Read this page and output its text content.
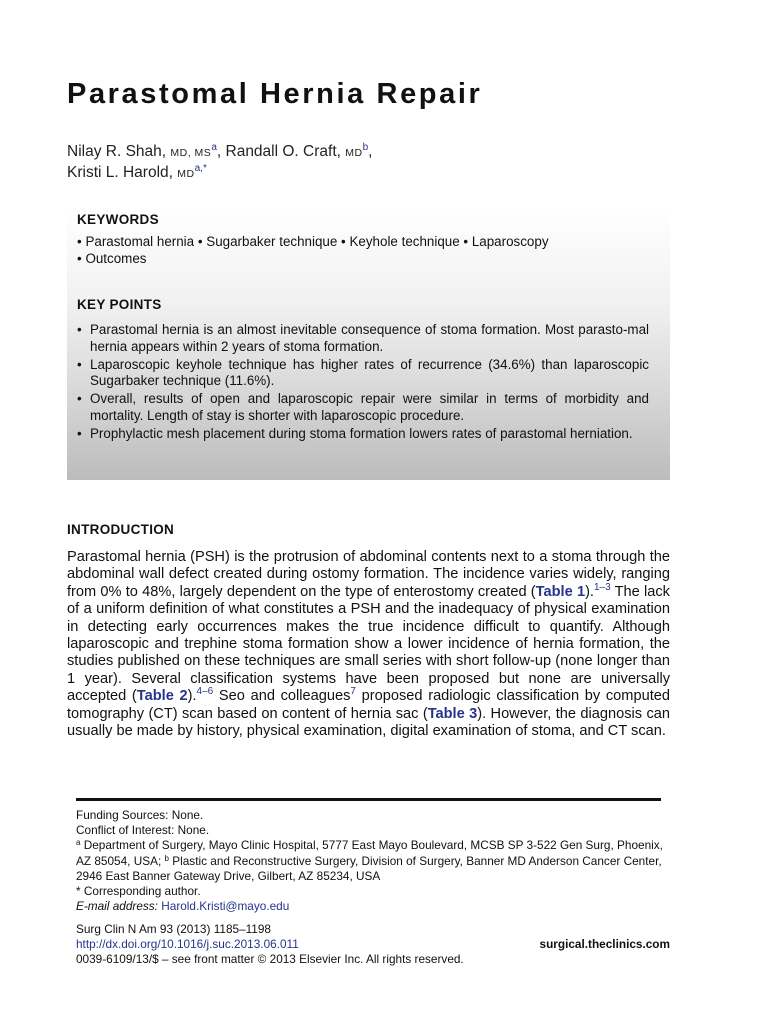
Parastomal Hernia Repair
Nilay R. Shah, MD, $MS^a$, Randall O. Craft, $MD^b$,
Kristi L. Harold, $MD^{a,*}$
KEYWORDS
• Parastomal hernia • Sugarbaker technique • Keyhole technique • Laparoscopy
• Outcomes
KEY POINTS
• Parastomal hernia is an almost inevitable consequence of stoma formation. Most parasto-mal hernia appears within 2 years of stoma formation.
• Laparoscopic keyhole technique has higher rates of recurrence (34.6%) than laparoscopic Sugarbaker technique (11.6%).
• Overall, results of open and laparoscopic repair were similar in terms of morbidity and mortality. Length of stay is shorter with laparoscopic procedure.
• Prophylactic mesh placement during stoma formation lowers rates of parastomal herniation.
INTRODUCTION

Parastomal hernia (PSH) is the protrusion of abdominal contents next to a stoma through the abdominal wall defect created during ostomy formation. The incidence varies widely, ranging from 0% to 48%, largely dependent on the type of enterostomy created (Table 1).$^{1-3}$ The lack of a uniform definition of what constitutes a PSH and the inadequacy of physical examination in detecting early occurrences makes the true incidence difficult to quantify. Although laparoscopic and trephine stoma formation show a lower incidence of hernia formation, the studies published on these techniques are small series with short follow-up (none longer than 1 year). Several classification systems have been proposed but none are universally accepted (Table 2).$^{4-6}$ Seo and colleagues$^7$ proposed radiologic classification by computed tomography (CT) scan based on content of hernia sac (Table 3). However, the diagnosis can usually be made by history, physical examination, digital examination of stoma, and CT scan.

Funding Sources: None.
Conflict of Interest: None.
$^a$ Department of Surgery, Mayo Clinic Hospital, 5777 East Mayo Boulevard, MCSB SP 3-522 Gen Surg, Phoenix, AZ 85054, USA; $^b$ Plastic and Reconstructive Surgery, Division of Surgery, Banner MD Anderson Cancer Center, 2946 East Banner Gateway Drive, Gilbert, AZ 85234, USA
* Corresponding author.
E-mail address: Harold.Kristi@mayo.edu
Surg Clin N Am 93 (2013) 1185–1198
http://dx.doi.org/10.1016/j.suc.2013.06.011	surgical.theclinics.com
0039-6109/13/$ – see front matter © 2013 Elsevier Inc. All rights reserved.
